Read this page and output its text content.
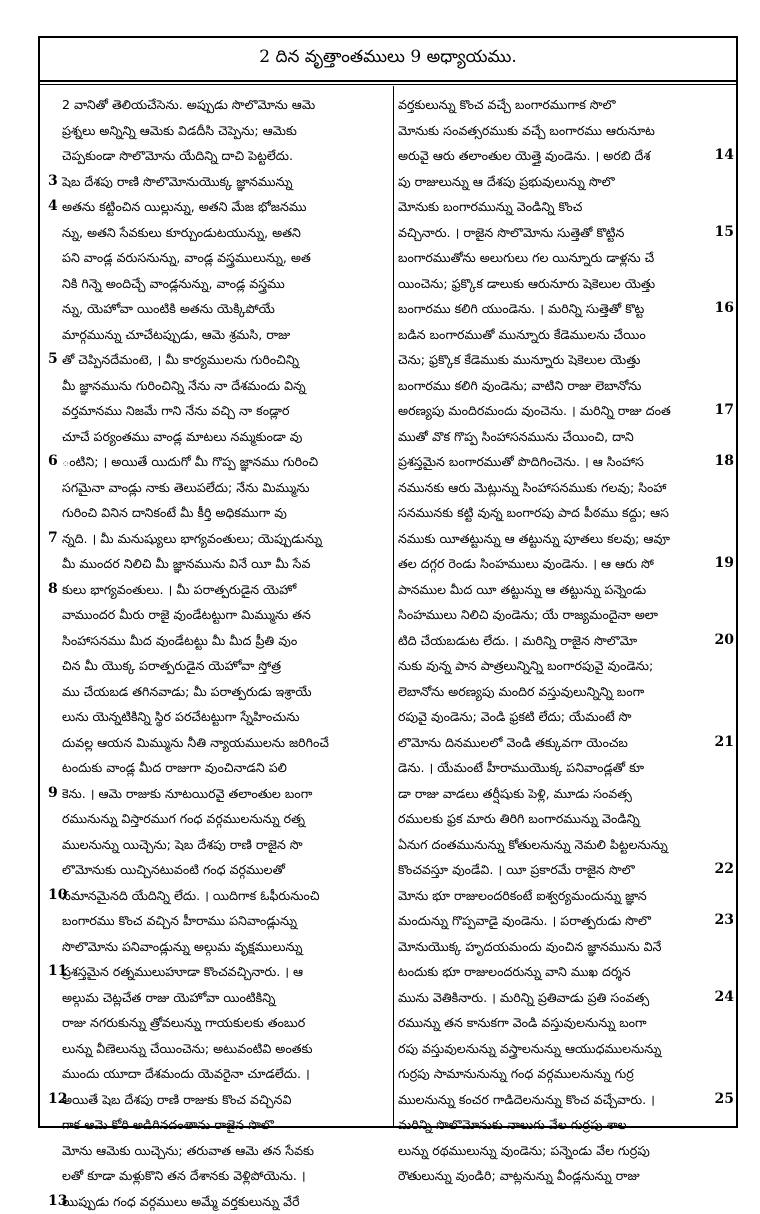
2 దిన వృత్తాంతములు 9 అధ్యాయము.
2 వానితో తెలియచేసెను. అప్పుడు సొలొమోను ఆమె
ప్రశ్నలు అన్నిన్ని ఆమెకు విడదీసి చెప్పెను; ఆమెకు
చెప్పకుండా సొలొమోను యేదిన్ని దాచి పెట్టలేదు.
3 షెబ దేశపు రాణి సొలొమోనుయొక్క జ్ఞానమున్ను
4 అతను కట్టించిన యిల్లున్ను, అతని మేజ భోజనము
న్ను, అతని సేవకులు కూర్చుండుటయున్ను, అతని
పని వాండ్ల వరుసనున్ను, వాండ్ల వస్త్రములున్ను, అత
నికి గిన్నె అందిచ్చే వాండ్లనున్ను, వాండ్ల వస్త్రము
న్ను, యెహోవా యింటికి అతను యెక్కిపోయే
మార్గమున్ను చూచేటప్పుడు, ఆమె శ్రమసి, రాజు
5 తో చెప్పినదేమంటె, । మీ కార్యములను గురించిన్ని
మీ జ్ఞానమును గురించిన్ని నేను నా దేశమందు విన్న
వర్తమానము నిజమే గాని నేను వచ్చి నా కండ్లార
చూచే పర్యంతము వాండ్ల మాటలు నమ్మకుండా వు
6 ంటిని; । అయితే యిదుగో మీ గొప్ప జ్ఞానము గురించి
సగమైనా వాండ్లు నాకు తెలుపలేదు; నేను మిమ్మును
గురించి వినిన దానికంటే మీ కీర్తి అధికముగా వు
7 న్నది. । మీ మనుష్యులు భాగ్యవంతులు; యెప్పుడున్ను
మీ ముందర నిలిచి మీ జ్ఞానమును వినే యీ మీ సేవ
8 కులు భాగ్యవంతులు. । మీ పరాత్పరుడైన యెహో
వాముందర మీరు రాజై వుండేటట్టుగా మిమ్మును తన
సింహాసనము మీద వుండేటట్టు మీ మీద ప్రీతి వుం
చిన మీ యొక్క పరాత్పరుడైన యెహోవా స్తోత్ర
ము చేయబడ తగినవాడు; మీ పరాత్పరుడు ఇశ్రాయే
లును యెన్నటికిన్ని స్థిర పరచేటట్టుగా స్నేహించును
దువల్ల ఆయన మిమ్మును నీతి న్యాయములను జరిగించే
టందుకు వాండ్ల మీద రాజుగా వుంచినాడని పలి
9 కెను. । ఆమె రాజుకు నూటయిరవై తలాంతుల బంగా
రమునున్ను విస్తారముగ గంధ వర్గములనున్ను రత్న
ములనున్ను యిచ్చెను; షెబ దేశపు రాణి రాజైన సొ
లొమోనుకు యిచ్చినటువంటి గంధ వర్గములతో
10
సమానమైనది యేదిన్ని లేదు. । యిదిగాక ఓఫీరునుంచి
బంగారము కొంచ వచ్చిన హీరాము పనివాండ్లున్ను
సొలొమోను పనివాండ్లున్ను అల్గుమ వృక్షములున్ను
11
ప్రశస్తమైన రత్నములుహూడా కొంచవచ్చినారు. । ఆ
అల్గుమ చెట్లచేత రాజు యెహోవా యింటికిన్ని
రాజు నగరుకున్ను త్రోవలున్ను గాయకులకు తంబుర
లున్ను వీణెలున్ను చేయించెను; అటువంటివి అంతకు
ముందు యూదా దేశమందు యెవరైనా చూడలేదు. ।
12
అయితే షెబ దేశపు రాణి రాజుకు కొంచ వచ్చినవి
గాక ఆమె కోరి అడిగినదంతాను రాజైన సొలొ
మోను ఆమెకు యిచ్చెను; తరువాత ఆమె తన సేవకు
లతో కూడా మళ్లుకొని తన దేశానకు వెళ్లిపోయెను. ।
13
యిప్పుడు గంధ వర్గములు అమ్మే వర్తకులున్ను వేరే
వర్తకులున్ను కొంచ వచ్చే బంగారముగాక సొలొ
మోనుకు సంవత్సరముకు వచ్చే బంగారము ఆరునూట
14
అరువై ఆరు తలాంతుల యెత్తై వుండెను. । అరబి దేశ
పు రాజులున్ను ఆ దేశపు ప్రభువులున్ను సొలొ
మోనుకు బంగారమున్ను వెండిన్ని కొంచ
15
వచ్చినారు. । రాజైన సొలొమోను సుత్తెతో కొట్టిన
బంగారముతోను అలుగులు గల యిన్నూరు డాళ్లను చే
యించెను; ఫ్రక్కొక డాలుకు ఆరునూరు షెకెలుల యెత్తు
16
బంగారము కలిగి యుండెను. । మరిన్ని సుత్తెతో కొట్ట
బడిన బంగారముతో మున్నూరు కేడెములను చేయిం
చెను; ఫ్రక్కొక కేడెముకు మున్నూరు షెకెలుల యెత్తు
బంగారము కలిగి వుండెను; వాటిని రాజు లెబానోను
17
అరణ్యపు మందిరమందు వుంచెను. । మరిన్ని రాజు దంత
ముతో వొక గొప్ప సింహాసనమును చేయించి, దాని
18
ప్రశస్తమైన బంగారముతో పొదిగించెను. । ఆ సింహాస
నమునకు ఆరు మెట్లున్ను సింహాసనముకు గలవు; సింహా
సనమునకు కట్టి వున్న బంగారపు పాద పీఠము కద్దు; ఆస
నముకు యీతట్టున్ను ఆ తట్టున్ను పూతలు కలవు; ఆవూ
19
తల దగ్గర రెండు సింహములు వుండెను. । ఆ ఆరు సో
పానముల మీద యీ తట్టున్ను ఆ తట్టున్ను పన్నెండు
సింహములు నిలిచి వుండెను; యే రాజ్యమందైనా అలా
20
టిది చేయబడుట లేదు. । మరిన్ని రాజైన సొలొమో
నుకు వున్న పాన పాత్రలున్నిన్ని బంగారపువై వుండెను;
లెబానోను అరణ్యపు మందిర వస్తువులున్నిన్ని బంగా
రపువై వుండెను; వెండి ఫ్రకటి లేదు; యేమంటే సొ
21
లొమోను దినములలో వెండి తక్కువగా యెంచబ
డెను. । యేమంటే హీరాముయొక్క పనివాండ్లతో కూ
డా రాజు వాడలు తర్షీషుకు పెళ్లి, మూడు సంవత్స
రములకు ఫ్రక మారు తిరిగి బంగారమున్ను వెండిన్ని
ఏనుగ దంతమునున్ను కోతులనున్ను నెమలి పిట్టలనున్ను
22
కొంచవస్తూ వుండేవి. । యీ ప్రకారమే రాజైన సొలొ
మోను భూ రాజులందరికంటే ఐశ్వర్యమందున్ను జ్ఞాన
23
మందున్ను గొప్పవాడై వుండెను. । పరాత్పరుడు సొలొ
మోనుయొక్క హృదయమందు వుంచిన జ్ఞానమును వినే
టందుకు భూ రాజులందరున్ను వాని ముఖ దర్శన
24
మును వెతికినారు. । మరిన్ని ప్రతివాడు ప్రతి సంవత్స
రమున్ను తన కానుకగా వెండి వస్తువులనున్ను బంగా
రపు వస్తువులనున్ను వస్త్రాలనున్ను ఆయుధములనున్ను
గుర్రపు సామానునున్ను గంధ వర్గములనున్ను గుర్ర
25
ములనున్ను కంచర గాడిదెలనున్ను కొంచ వచ్చేవారు. ।
మరిన్ని సొలొమోనుకు నాలుగు వేల గుర్రపు శాల
లున్ను రథములున్ను వుండెను; పన్నెండు వేల గుర్రపు
రౌతులున్ను వుండిరి; వాట్లనున్ను వీండ్లనున్ను రాజు
